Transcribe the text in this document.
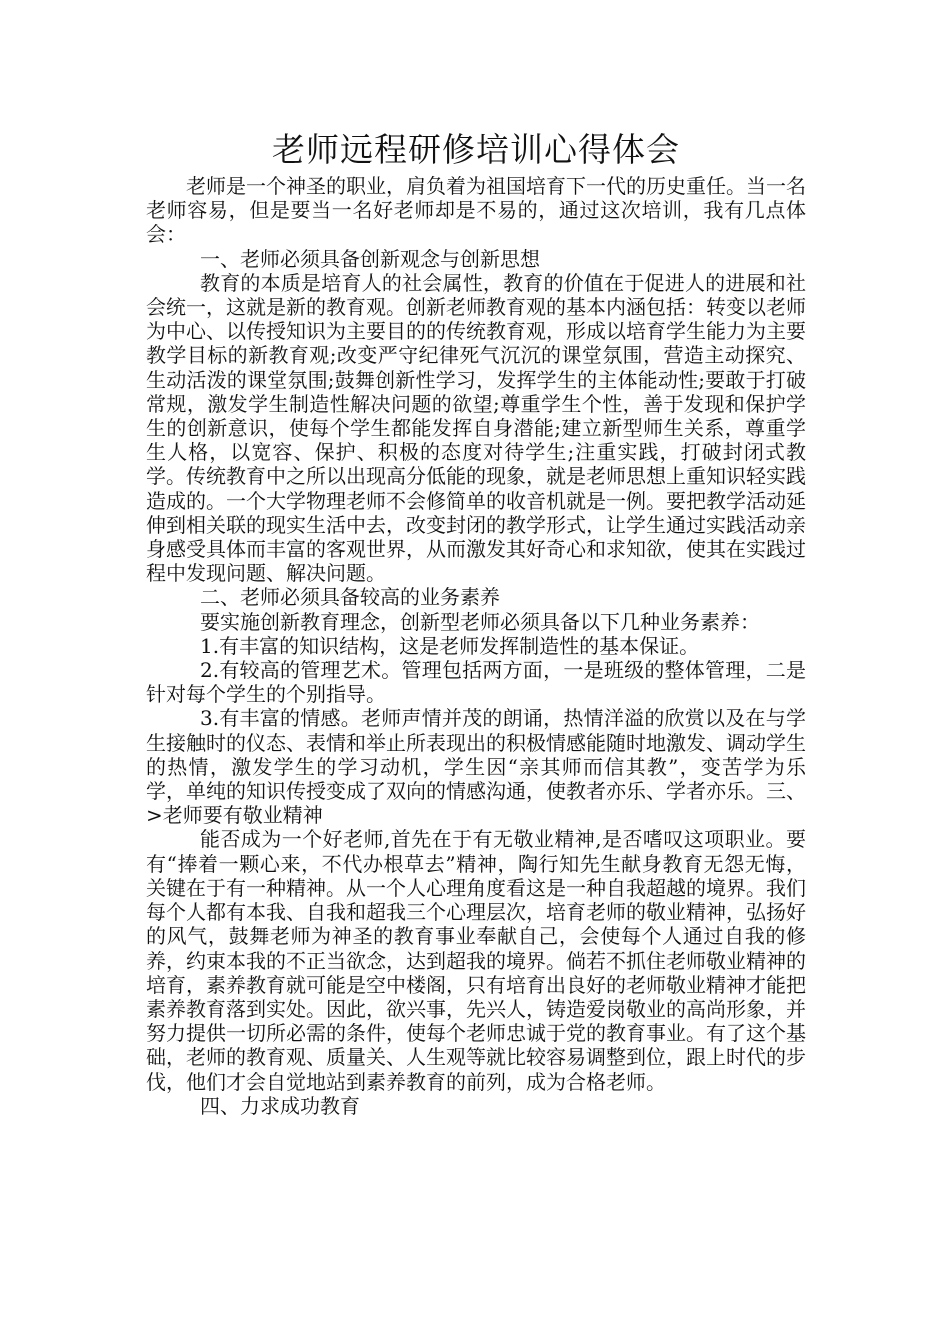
老师远程研修培训心得体会

老师是一个神圣的职业，肩负着为祖国培育下一代的历史重任。当一名老师容易，但是要当一名好老师却是不易的，通过这次培训，我有几点体会：

一、老师必须具备创新观念与创新思想

教育的本质是培育人的社会属性，教育的价值在于促进人的进展和社会统一，这就是新的教育观。创新老师教育观的基本内涵包括：转变以老师为中心、以传授知识为主要目的的传统教育观，形成以培育学生能力为主要教学目标的新教育观;改变严守纪律死气沉沉的课堂氛围，营造主动探究、生动活泼的课堂氛围;鼓舞创新性学习，发挥学生的主体能动性;要敢于打破常规，激发学生制造性解决问题的欲望;尊重学生个性，善于发现和保护学生的创新意识，使每个学生都能发挥自身潜能;建立新型师生关系，尊重学生人格，以宽容、保护、积极的态度对待学生;注重实践，打破封闭式教学。传统教育中之所以出现高分低能的现象，就是老师思想上重知识轻实践造成的。一个大学物理老师不会修简单的收音机就是一例。要把教学活动延伸到相关联的现实生活中去，改变封闭的教学形式，让学生通过实践活动亲身感受具体而丰富的客观世界，从而激发其好奇心和求知欲，使其在实践过程中发现问题、解决问题。

二、老师必须具备较高的业务素养

要实施创新教育理念，创新型老师必须具备以下几种业务素养：

1.有丰富的知识结构，这是老师发挥制造性的基本保证。

2.有较高的管理艺术。管理包括两方面，一是班级的整体管理，二是针对每个学生的个别指导。

3.有丰富的情感。老师声情并茂的朗诵，热情洋溢的欣赏以及在与学生接触时的仪态、表情和举止所表现出的积极情感能随时地激发、调动学生的热情，激发学生的学习动机，学生因“亲其师而信其教”，变苦学为乐学，单纯的知识传授变成了双向的情感沟通，使教者亦乐、学者亦乐。三、>老师要有敬业精神

能否成为一个好老师,首先在于有无敬业精神,是否嗜叹这项职业。要有“捧着一颗心来，不代办根草去”精神，陶行知先生献身教育无怨无悔，关键在于有一种精神。从一个人心理角度看这是一种自我超越的境界。我们每个人都有本我、自我和超我三个心理层次，培育老师的敬业精神，弘扬好的风气，鼓舞老师为神圣的教育事业奉献自己，会使每个人通过自我的修养，约束本我的不正当欲念，达到超我的境界。倘若不抓住老师敬业精神的培育，素养教育就可能是空中楼阁，只有培育出良好的老师敬业精神才能把素养教育落到实处。因此，欲兴事，先兴人，铸造爱岗敬业的高尚形象，并努力提供一切所必需的条件，使每个老师忠诚于党的教育事业。有了这个基础，老师的教育观、质量关、人生观等就比较容易调整到位，跟上时代的步伐，他们才会自觉地站到素养教育的前列，成为合格老师。

四、力求成功教育
